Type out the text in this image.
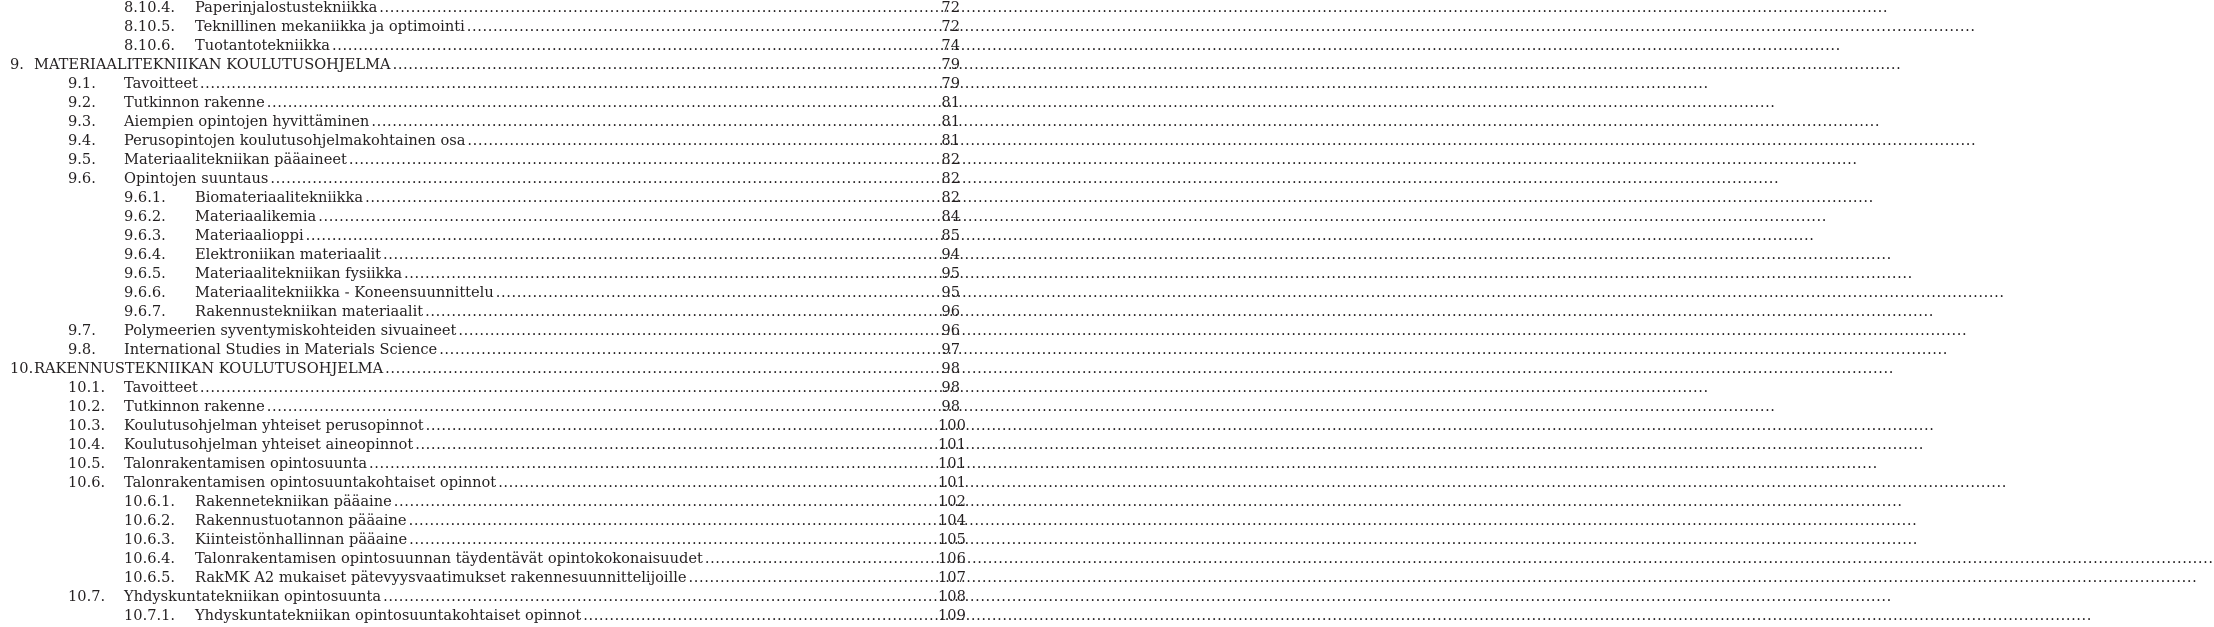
8.10.4. Paperinjalostustekniikka .....	72
8.10.5. Teknillinen mekaniikka ja optimointi .....	72
8.10.6. Tuotantotekniikka .....	74
9. MATERIAALITEKNIIKAN KOULUTUSOHJELMA .....	79
9.1. Tavoitteet .....	79
9.2. Tutkinnon rakenne .....	81
9.3. Aiempien opintojen hyvittäminen .....	81
9.4. Perusopintojen koulutusohjelmakohtainen osa .....	81
9.5. Materiaalitekniikan pääaineet .....	82
9.6. Opintojen suuntaus .....	82
9.6.1. Biomateriaalitekniikka .....	82
9.6.2. Materiaalikemia .....	84
9.6.3. Materiaalioppi .....	85
9.6.4. Elektroniikan materiaalit .....	94
9.6.5. Materiaalitekniikan fysiikka .....	95
9.6.6. Materiaalitekniikka - Koneensuunnittelu .....	95
9.6.7. Rakennustekniikan materiaalit .....	96
9.7. Polymeerien syventymiskohteiden sivuaineet .....	96
9.8. International Studies in Materials Science .....	97
10. RAKENNUSTEKNIIKAN KOULUTUSOHJELMA .....	98
10.1. Tavoitteet .....	98
10.2. Tutkinnon rakenne .....	98
10.3. Koulutusohjelman yhteiset perusopinnot .....	100
10.4. Koulutusohjelman yhteiset aineopinnot .....	101
10.5. Talonrakentamisen opintosuunta .....	101
10.6. Talonrakentamisen opintosuuntakohtaiset opinnot .....	101
10.6.1. Rakennetekniikan pääaine .....	102
10.6.2. Rakennustuotannon pääaine .....	104
10.6.3. Kiinteistönhallinnan pääaine .....	105
10.6.4. Talonrakentamisen opintosuunnan täydentävät opintokokonaisuudet .....	106
10.6.5. RakMK A2 mukaiset pätevyysvaatimukset rakennesuunnittelijoille .....	107
10.7. Yhdyskuntatekniikan opintosuunta .....	108
10.7.1. Yhdyskuntatekniikan opintosuuntakohtaiset opinnot .....	109
